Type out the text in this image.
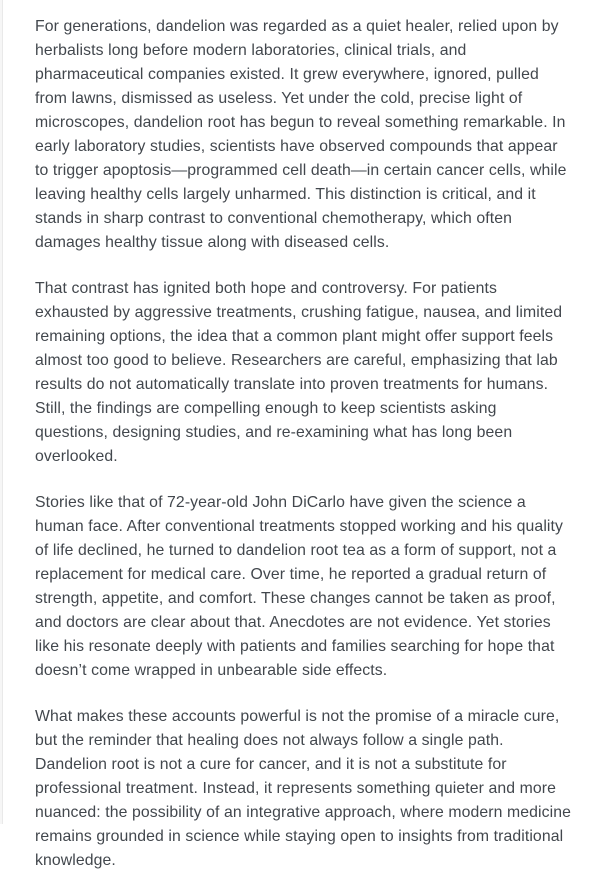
For generations, dandelion was regarded as a quiet healer, relied upon by herbalists long before modern laboratories, clinical trials, and pharmaceutical companies existed. It grew everywhere, ignored, pulled from lawns, dismissed as useless. Yet under the cold, precise light of microscopes, dandelion root has begun to reveal something remarkable. In early laboratory studies, scientists have observed compounds that appear to trigger apoptosis—programmed cell death—in certain cancer cells, while leaving healthy cells largely unharmed. This distinction is critical, and it stands in sharp contrast to conventional chemotherapy, which often damages healthy tissue along with diseased cells.

That contrast has ignited both hope and controversy. For patients exhausted by aggressive treatments, crushing fatigue, nausea, and limited remaining options, the idea that a common plant might offer support feels almost too good to believe. Researchers are careful, emphasizing that lab results do not automatically translate into proven treatments for humans. Still, the findings are compelling enough to keep scientists asking questions, designing studies, and re-examining what has long been overlooked.

Stories like that of 72-year-old John DiCarlo have given the science a human face. After conventional treatments stopped working and his quality of life declined, he turned to dandelion root tea as a form of support, not a replacement for medical care. Over time, he reported a gradual return of strength, appetite, and comfort. These changes cannot be taken as proof, and doctors are clear about that. Anecdotes are not evidence. Yet stories like his resonate deeply with patients and families searching for hope that doesn’t come wrapped in unbearable side effects.

What makes these accounts powerful is not the promise of a miracle cure, but the reminder that healing does not always follow a single path. Dandelion root is not a cure for cancer, and it is not a substitute for professional treatment. Instead, it represents something quieter and more nuanced: the possibility of an integrative approach, where modern medicine remains grounded in science while staying open to insights from traditional knowledge.
